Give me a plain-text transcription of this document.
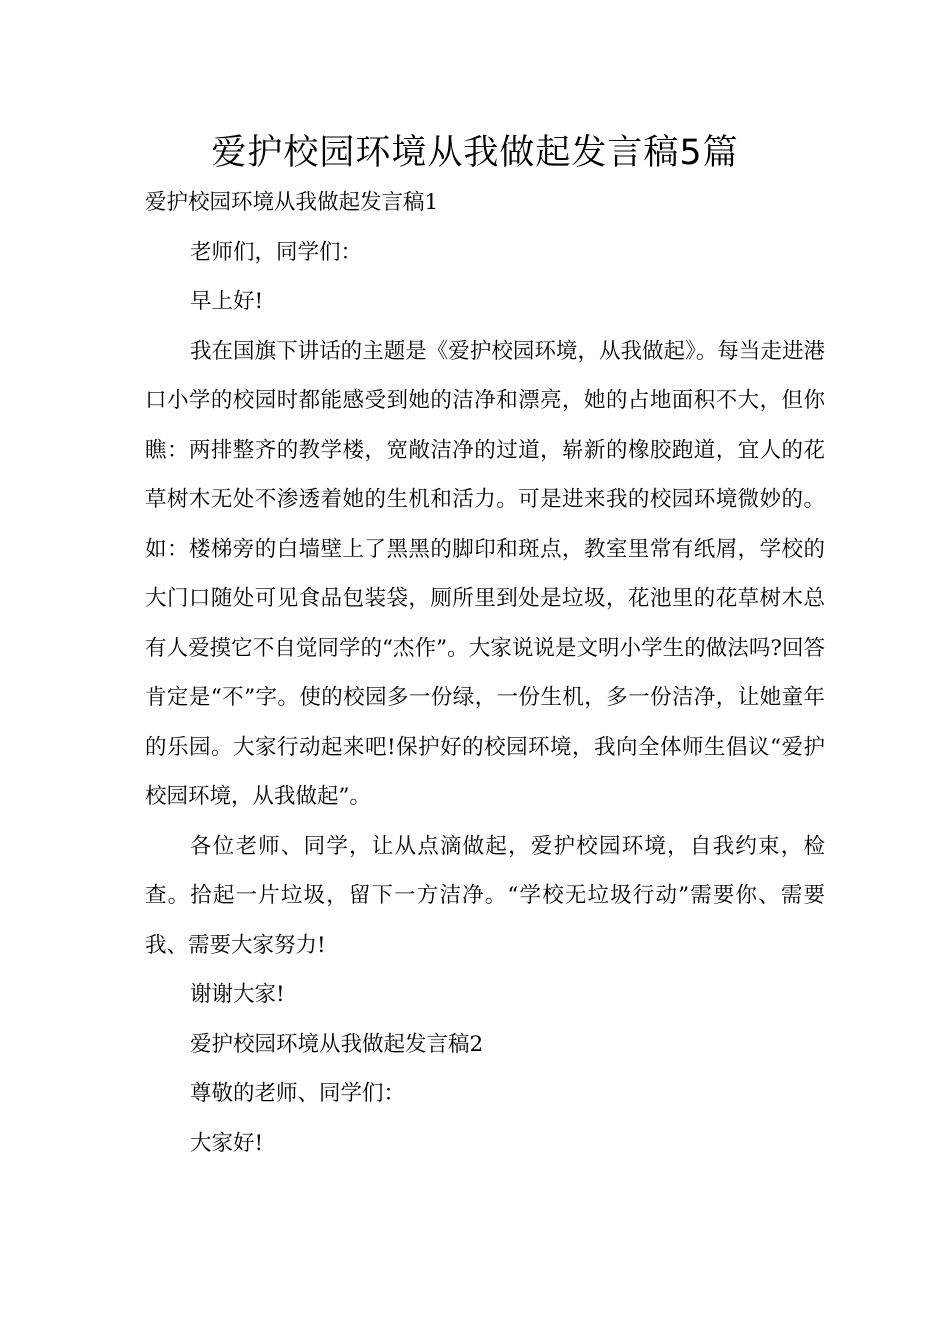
爱护校园环境从我做起发言稿5篇

爱护校园环境从我做起发言稿1

老师们，同学们：

早上好!

我在国旗下讲话的主题是《爱护校园环境，从我做起》。每当走进港口小学的校园时都能感受到她的洁净和漂亮，她的占地面积不大，但你瞧：两排整齐的教学楼，宽敞洁净的过道，崭新的橡胶跑道，宜人的花草树木无处不渗透着她的生机和活力。可是进来我的校园环境微妙的。如：楼梯旁的白墙壁上了黑黑的脚印和斑点，教室里常有纸屑，学校的大门口随处可见食品包装袋，厕所里到处是垃圾，花池里的花草树木总有人爱摸它不自觉同学的“杰作”。大家说说是文明小学生的做法吗?回答肯定是“不”字。使的校园多一份绿，一份生机，多一份洁净，让她童年的乐园。大家行动起来吧!保护好的校园环境，我向全体师生倡议“爱护校园环境，从我做起”。

各位老师、同学，让从点滴做起，爱护校园环境，自我约束，检查。拾起一片垃圾，留下一方洁净。“学校无垃圾行动”需要你、需要我、需要大家努力!

谢谢大家!

爱护校园环境从我做起发言稿2

尊敬的老师、同学们：

大家好!
